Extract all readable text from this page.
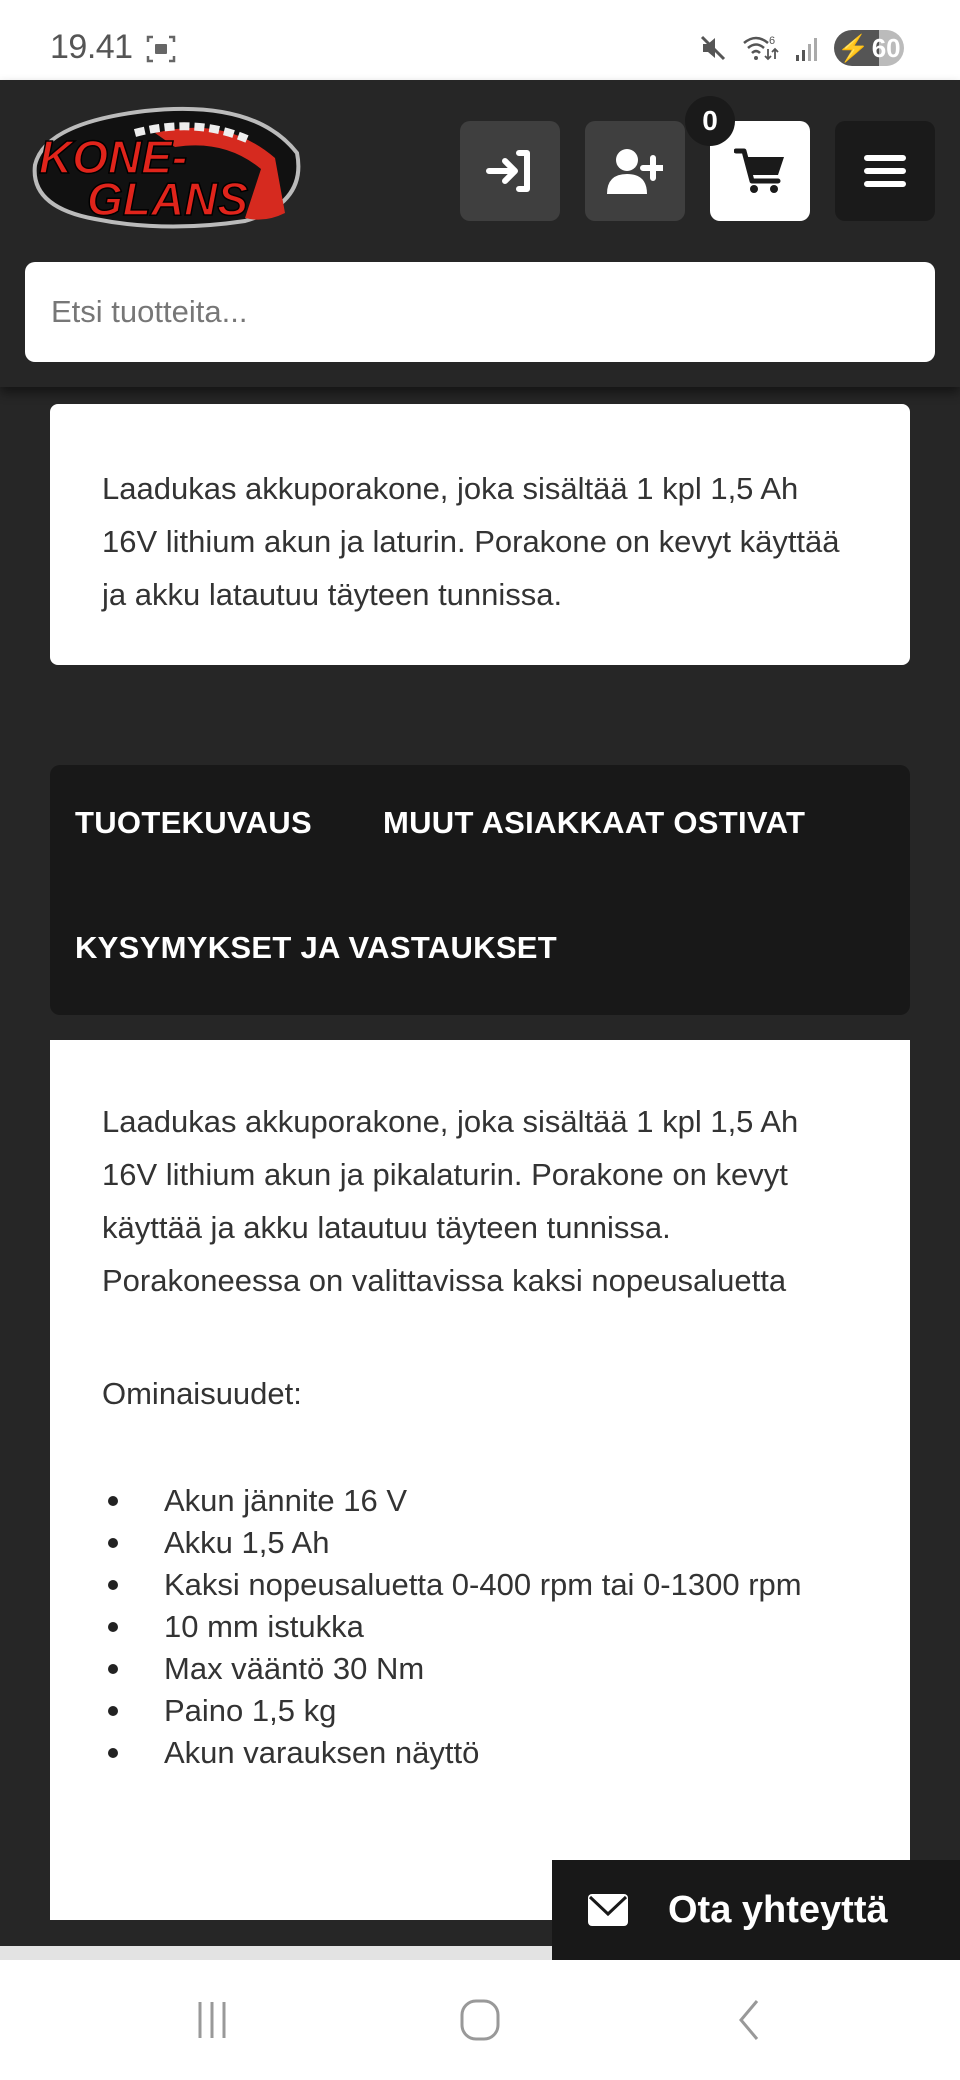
19.41	6 ⚡ 60
KONE-
GLANS
0
Etsi tuotteita...

Laadukas akkuporakone, joka sisältää 1 kpl 1,5 Ah 16V lithium akun ja laturin. Porakone on kevyt käyttää ja akku latautuu täyteen tunnissa.

TUOTEKUVAUS MUUT ASIAKKAAT OSTIVAT
KYSYMYKSET JA VASTAUKSET

Laadukas akkuporakone, joka sisältää 1 kpl 1,5 Ah 16V lithium akun ja pikalaturin. Porakone on kevyt käyttää ja akku latautuu täyteen tunnissa. Porakoneessa on valittavissa kaksi nopeusaluetta

Ominaisuudet:

Akun jännite 16 V
Akku 1,5 Ah
Kaksi nopeusaluetta 0-400 rpm tai 0-1300 rpm
10 mm istukka
Max vääntö 30 Nm
Paino 1,5 kg
Akun varauksen näyttö
Ota yhteyttä
